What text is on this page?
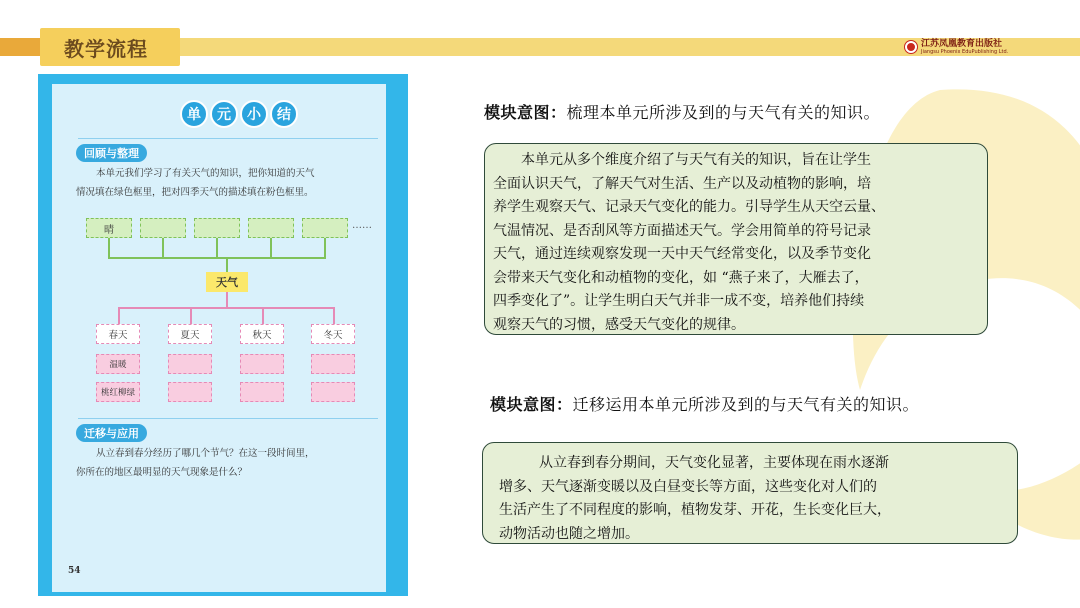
教学流程	江苏凤凰教育出版社
Jiangsu Phoenix EduPublishing Ltd.
单	元	小	结
回顾与整理
本单元我们学习了有关天气的知识，把你知道的天气
情况填在绿色框里，把对四季天气的描述填在粉色框里。
晴	……
天气
春天	夏天	秋天	冬天
温暖
桃红柳绿
迁移与应用
从立春到春分经历了哪几个节气？在这一段时间里，
你所在的地区最明显的天气现象是什么？
54
模块意图：梳理本单元所涉及到的与天气有关的知识。
本单元从多个维度介绍了与天气有关的知识，旨在让学生
全面认识天气，了解天气对生活、生产以及动植物的影响，培
养学生观察天气、记录天气变化的能力。引导学生从天空云量、
气温情况、是否刮风等方面描述天气。学会用简单的符号记录
天气，通过连续观察发现一天中天气经常变化，以及季节变化
会带来天气变化和动植物的变化，如 “燕子来了，大雁去了，
四季变化了”。让学生明白天气并非一成不变，培养他们持续
观察天气的习惯，感受天气变化的规律。
模块意图：迁移运用本单元所涉及到的与天气有关的知识。
从立春到春分期间，天气变化显著，主要体现在雨水逐渐
增多、天气逐渐变暖以及白昼变长等方面，这些变化对人们的
生活产生了不同程度的影响，植物发芽、开花，生长变化巨大，
动物活动也随之增加。
